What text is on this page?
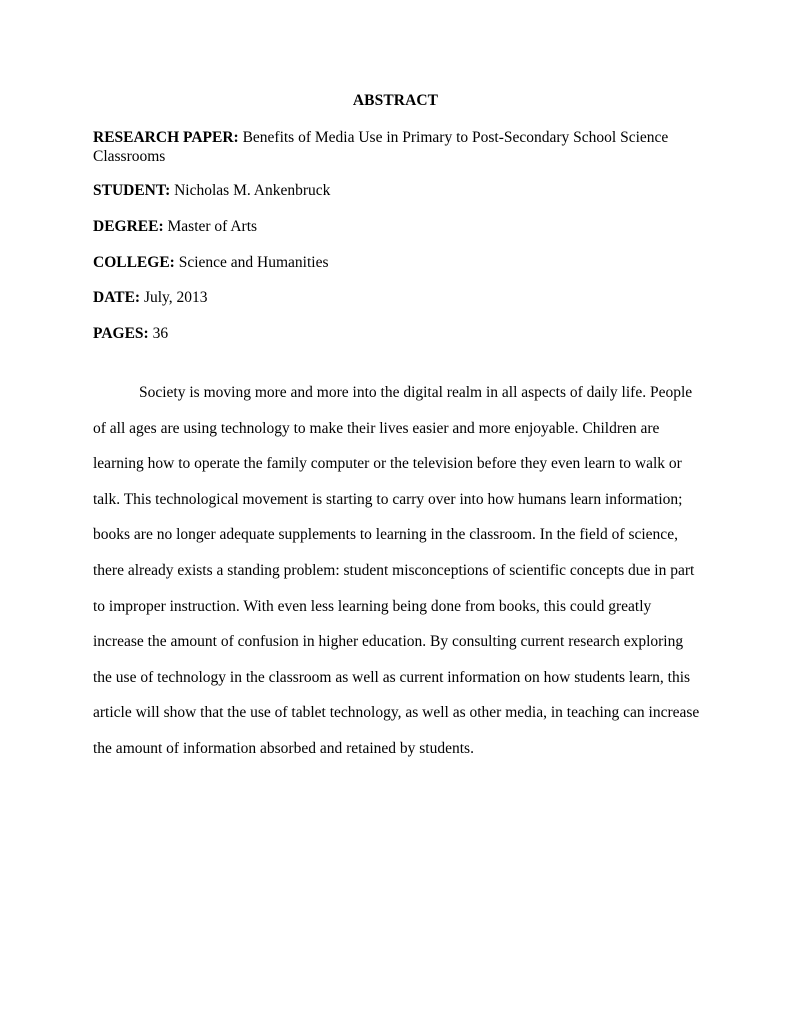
ABSTRACT
RESEARCH PAPER: Benefits of Media Use in Primary to Post-Secondary School Science Classrooms
STUDENT: Nicholas M. Ankenbruck
DEGREE: Master of Arts
COLLEGE: Science and Humanities
DATE: July, 2013
PAGES: 36

Society is moving more and more into the digital realm in all aspects of daily life. People of all ages are using technology to make their lives easier and more enjoyable. Children are learning how to operate the family computer or the television before they even learn to walk or talk. This technological movement is starting to carry over into how humans learn information; books are no longer adequate supplements to learning in the classroom. In the field of science, there already exists a standing problem: student misconceptions of scientific concepts due in part to improper instruction. With even less learning being done from books, this could greatly increase the amount of confusion in higher education. By consulting current research exploring the use of technology in the classroom as well as current information on how students learn, this article will show that the use of tablet technology, as well as other media, in teaching can increase the amount of information absorbed and retained by students.
